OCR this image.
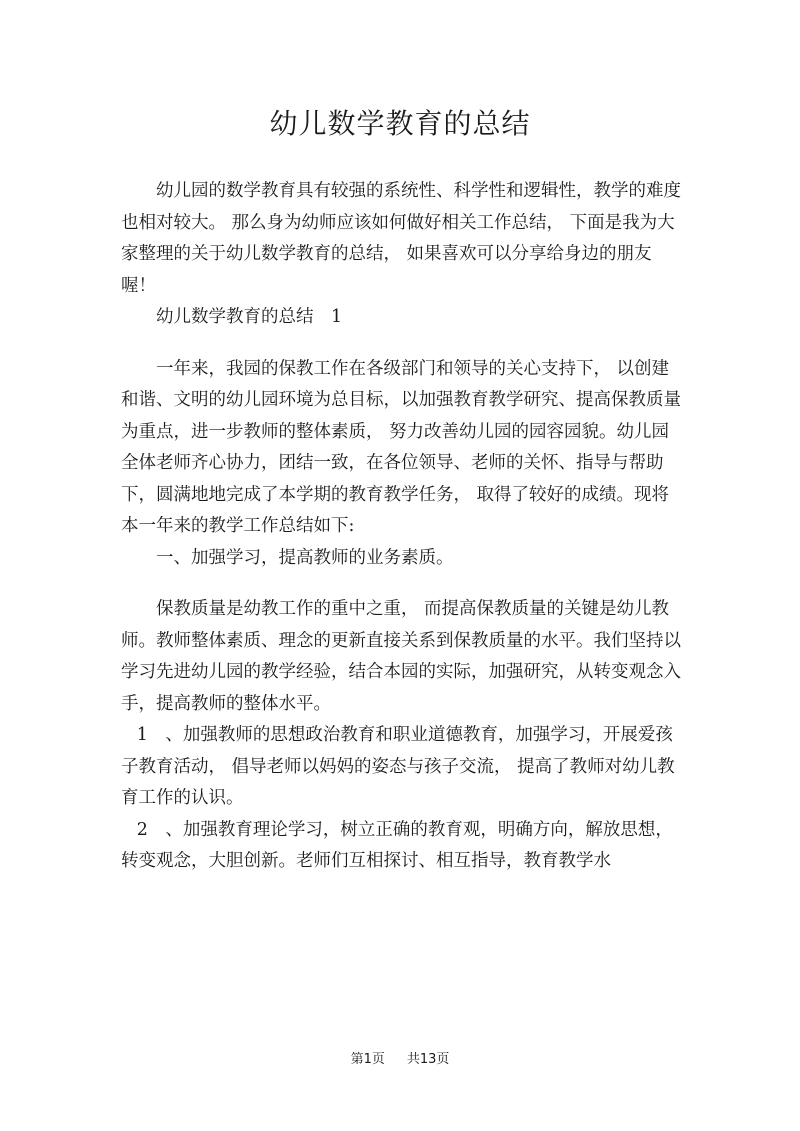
幼儿数学教育的总结

幼儿园的数学教育具有较强的系统性、科学性和逻辑性，教学的难度也相对较大。 那么身为幼师应该如何做好相关工作总结， 下面是我为大家整理的关于幼儿数学教育的总结， 如果喜欢可以分享给身边的朋友喔！

幼儿数学教育的总结　1

一年来，我园的保教工作在各级部门和领导的关心支持下， 以创建和谐、文明的幼儿园环境为总目标，以加强教育教学研究、提高保教质量为重点，进一步教师的整体素质， 努力改善幼儿园的园容园貌。幼儿园全体老师齐心协力，团结一致，在各位领导、老师的关怀、指导与帮助下，圆满地地完成了本学期的教育教学任务， 取得了较好的成绩。现将本一年来的教学工作总结如下:

一、加强学习，提高教师的业务素质。

保教质量是幼教工作的重中之重， 而提高保教质量的关键是幼儿教师。教师整体素质、理念的更新直接关系到保教质量的水平。我们坚持以学习先进幼儿园的教学经验，结合本园的实际，加强研究，从转变观念入手，提高教师的整体水平。

1　、加强教师的思想政治教育和职业道德教育，加强学习，开展爱孩子教育活动， 倡导老师以妈妈的姿态与孩子交流， 提高了教师对幼儿教育工作的认识。

2　、加强教育理论学习，树立正确的教育观，明确方向，解放思想，转变观念，大胆创新。老师们互相探讨、相互指导，教育教学水

第1页 共13页
